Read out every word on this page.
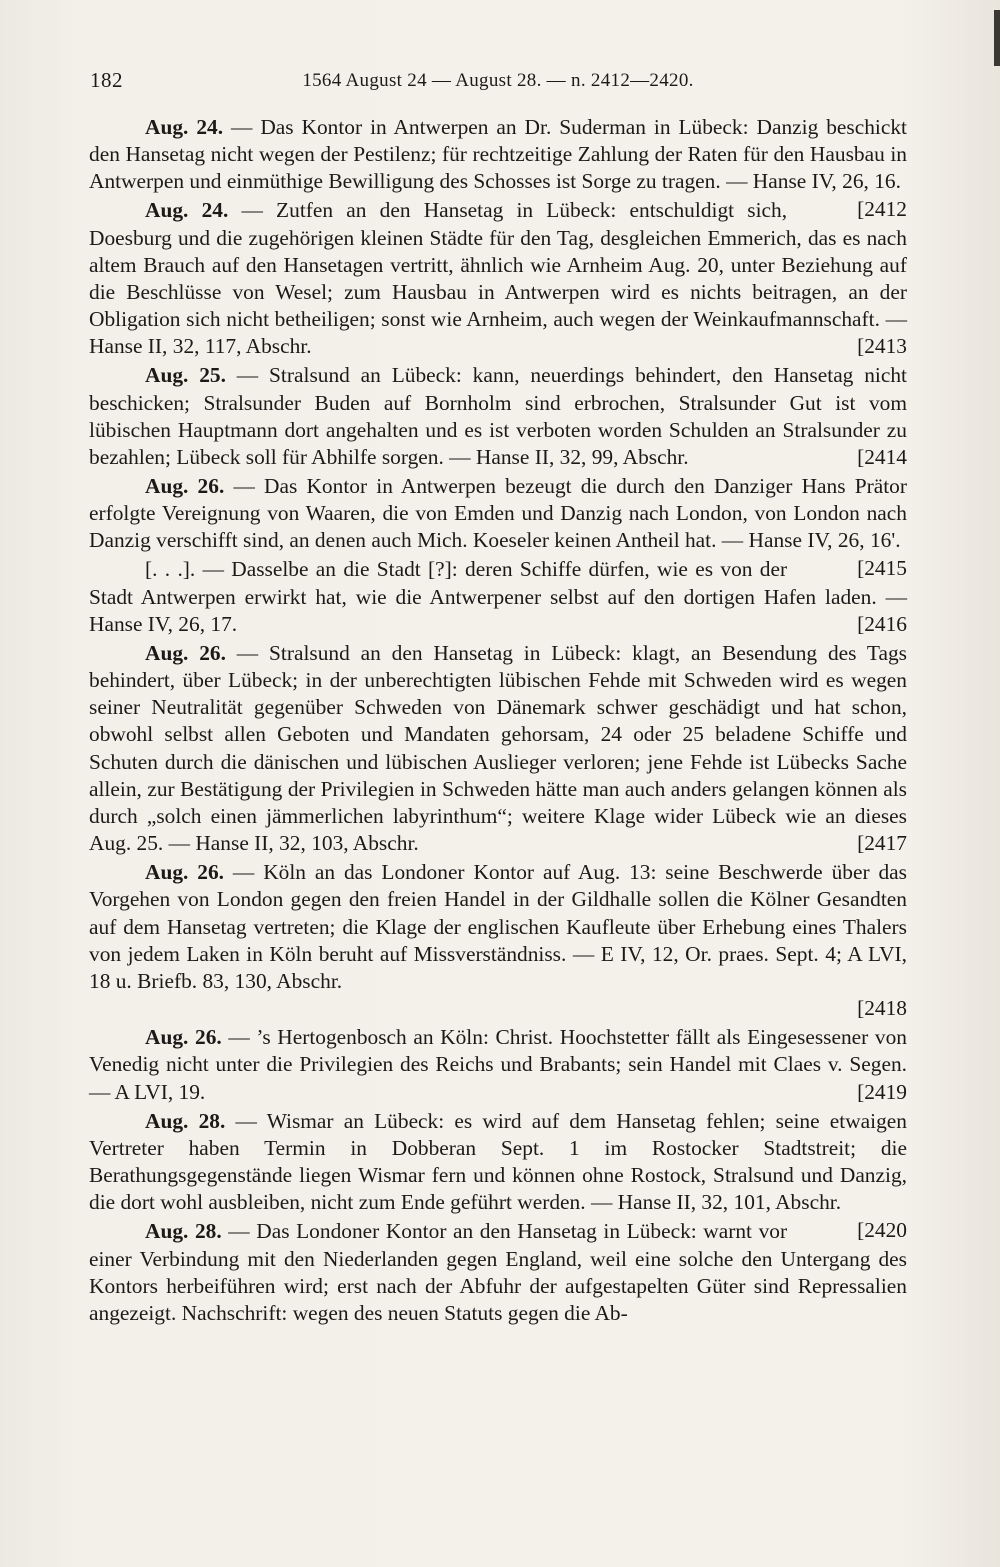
182	1564 August 24 — August 28. — n. 2412—2420.

Aug. 24. — Das Kontor in Antwerpen an Dr. Suderman in Lübeck: Danzig beschickt den Hansetag nicht wegen der Pestilenz; für rechtzeitige Zahlung der Raten für den Hausbau in Antwerpen und einmüthige Bewilligung des Schosses ist Sorge zu tragen. — Hanse IV, 26, 16.
[2412

Aug. 24. — Zutfen an den Hansetag in Lübeck: entschuldigt sich, Doesburg und die zugehörigen kleinen Städte für den Tag, desgleichen Emmerich, das es nach altem Brauch auf den Hansetagen vertritt, ähnlich wie Arnheim Aug. 20, unter Beziehung auf die Beschlüsse von Wesel; zum Hausbau in Antwerpen wird es nichts beitragen, an der Obligation sich nicht betheiligen; sonst wie Arnheim, auch wegen der Weinkaufmannschaft. — Hanse II, 32, 117, Abschr.	[2413

Aug. 25. — Stralsund an Lübeck: kann, neuerdings behindert, den Hansetag nicht beschicken; Stralsunder Buden auf Bornholm sind erbrochen, Stralsunder Gut ist vom lübischen Hauptmann dort angehalten und es ist verboten worden Schulden an Stralsunder zu bezahlen; Lübeck soll für Abhilfe sorgen. — Hanse II, 32, 99, Abschr.	[2414

Aug. 26. — Das Kontor in Antwerpen bezeugt die durch den Danziger Hans Prätor erfolgte Vereignung von Waaren, die von Emden und Danzig nach London, von London nach Danzig verschifft sind, an denen auch Mich. Koeseler keinen Antheil hat. — Hanse IV, 26, 16'.
[2415

[. . .]. — Dasselbe an die Stadt [?]: deren Schiffe dürfen, wie es von der Stadt Antwerpen erwirkt hat, wie die Antwerpener selbst auf den dortigen Hafen laden. — Hanse IV, 26, 17.	[2416

Aug. 26. — Stralsund an den Hansetag in Lübeck: klagt, an Besendung des Tags behindert, über Lübeck; in der unberechtigten lübischen Fehde mit Schweden wird es wegen seiner Neutralität gegenüber Schweden von Dänemark schwer geschädigt und hat schon, obwohl selbst allen Geboten und Mandaten gehorsam, 24 oder 25 beladene Schiffe und Schuten durch die dänischen und lübischen Auslieger verloren; jene Fehde ist Lübecks Sache allein, zur Bestätigung der Privilegien in Schweden hätte man auch anders gelangen können als durch „solch einen jämmerlichen labyrinthum“; weitere Klage wider Lübeck wie an dieses Aug. 25. — Hanse II, 32, 103, Abschr.	[2417

Aug. 26. — Köln an das Londoner Kontor auf Aug. 13: seine Beschwerde über das Vorgehen von London gegen den freien Handel in der Gildhalle sollen die Kölner Gesandten auf dem Hansetag vertreten; die Klage der englischen Kaufleute über Erhebung eines Thalers von jedem Laken in Köln beruht auf Missverständniss. — E IV, 12, Or. praes. Sept. 4; A LVI, 18 u. Briefb. 83, 130, Abschr.

[2418

Aug. 26. — ’s Hertogenbosch an Köln: Christ. Hoochstetter fällt als Eingesessener von Venedig nicht unter die Privilegien des Reichs und Brabants; sein Handel mit Claes v. Segen. — A LVI, 19.	[2419

Aug. 28. — Wismar an Lübeck: es wird auf dem Hansetag fehlen; seine etwaigen Vertreter haben Termin in Dobberan Sept. 1 im Rostocker Stadtstreit; die Berathungsgegenstände liegen Wismar fern und können ohne Rostock, Stralsund und Danzig, die dort wohl ausbleiben, nicht zum Ende geführt werden. — Hanse II, 32, 101, Abschr.
[2420

Aug. 28. — Das Londoner Kontor an den Hansetag in Lübeck: warnt vor einer Verbindung mit den Niederlanden gegen England, weil eine solche den Untergang des Kontors herbeiführen wird; erst nach der Abfuhr der aufgestapelten Güter sind Repressalien angezeigt. Nachschrift: wegen des neuen Statuts gegen die Ab-
